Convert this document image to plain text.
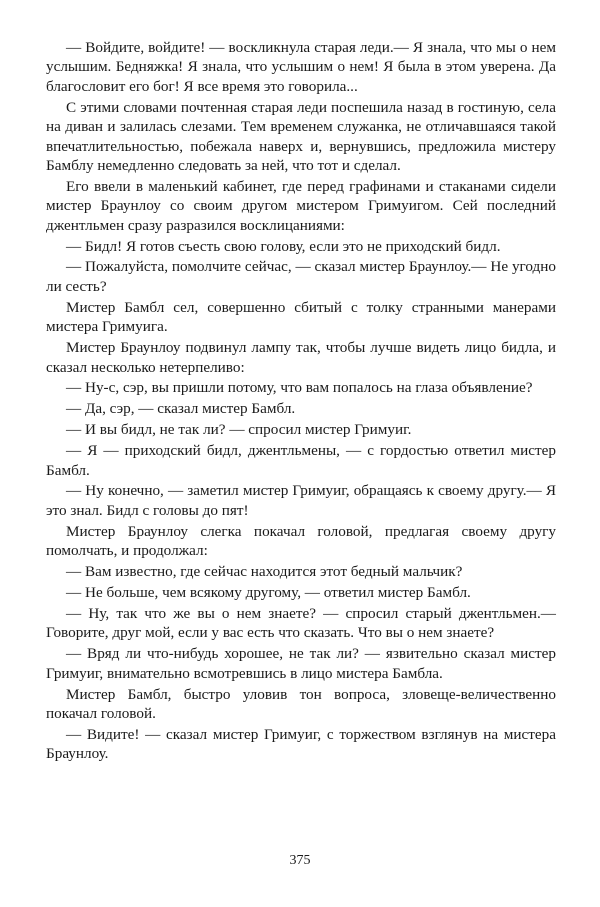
— Войдите, войдите! — воскликнула старая леди.— Я знала, что мы о нем услышим. Бедняжка! Я знала, что услышим о нем! Я была в этом уверена. Да благословит его бог! Я все время это говорила...

С этими словами почтенная старая леди поспешила назад в гостиную, села на диван и залилась слезами. Тем временем служанка, не отличавшаяся такой впечатлительностью, побежала наверх и, вернувшись, предложила мистеру Бамблу немедленно следовать за ней, что тот и сделал.

Его ввели в маленький кабинет, где перед графинами и стаканами сидели мистер Браунлоу со своим другом мистером Гримуигом. Сей последний джентльмен сразу разразился восклицаниями:

— Бидл! Я готов съесть свою голову, если это не приходский бидл.

— Пожалуйста, помолчите сейчас, — сказал мистер Браунлоу.— Не угодно ли сесть?

Мистер Бамбл сел, совершенно сбитый с толку странными манерами мистера Гримуига.

Мистер Браунлоу подвинул лампу так, чтобы лучше видеть лицо бидла, и сказал несколько нетерпеливо:

— Ну-с, сэр, вы пришли потому, что вам попалось на глаза объявление?

— Да, сэр, — сказал мистер Бамбл.

— И вы бидл, не так ли? — спросил мистер Гримуиг.

— Я — приходский бидл, джентльмены, — с гордостью ответил мистер Бамбл.

— Ну конечно, — заметил мистер Гримуиг, обращаясь к своему другу.— Я это знал. Бидл с головы до пят!

Мистер Браунлоу слегка покачал головой, предлагая своему другу помолчать, и продолжал:

— Вам известно, где сейчас находится этот бедный мальчик?

— Не больше, чем всякому другому, — ответил мистер Бамбл.

— Ну, так что же вы о нем знаете? — спросил старый джентльмен.— Говорите, друг мой, если у вас есть что сказать. Что вы о нем знаете?

— Вряд ли что-нибудь хорошее, не так ли? — язвительно сказал мистер Гримуиг, внимательно всмотревшись в лицо мистера Бамбла.

Мистер Бамбл, быстро уловив тон вопроса, зловеще-величественно покачал головой.

— Видите! — сказал мистер Гримуиг, с торжеством взглянув на мистера Браунлоу.

375
